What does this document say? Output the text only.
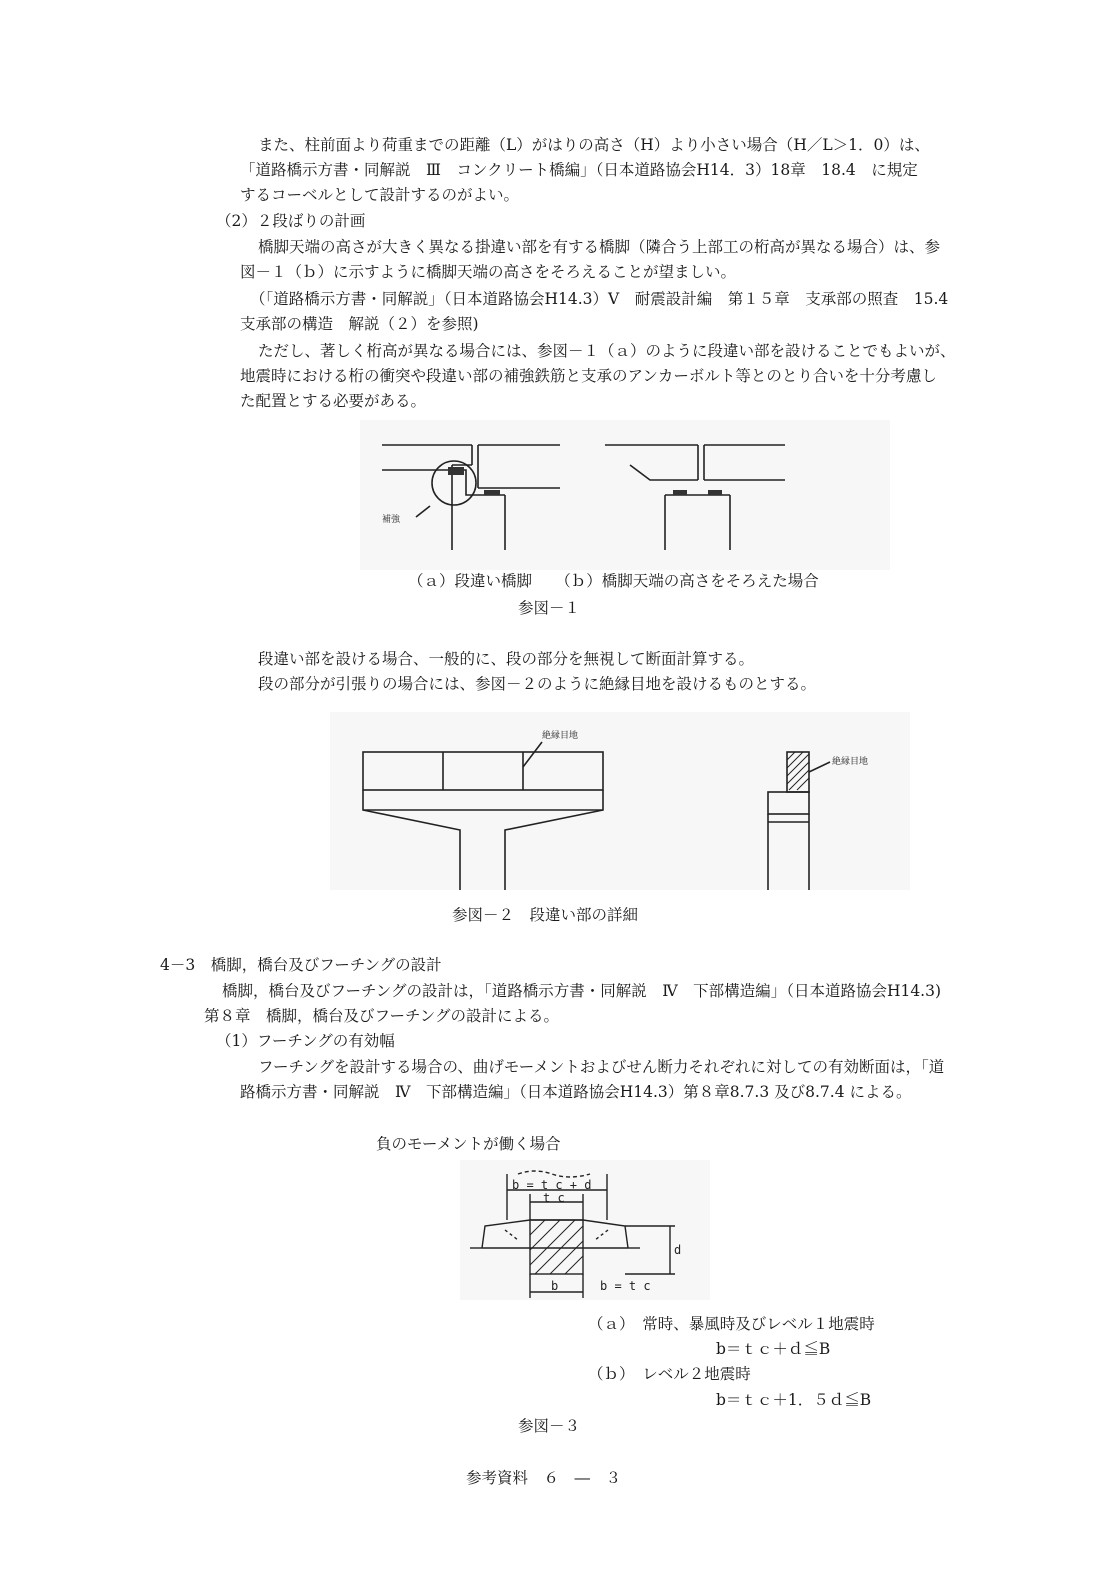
また、柱前面より荷重までの距離（L）がはりの高さ（H）より小さい場合（H／L＞1．0）は、
「道路橋示方書・同解説　Ⅲ　コンクリート橋編」（日本道路協会H14．3）18章　18.4　に規定
するコーベルとして設計するのがよい。
（2）２段ばりの計画
橋脚天端の高さが大きく異なる掛違い部を有する橋脚（隣合う上部工の桁高が異なる場合）は、参
図－１（ｂ）に示すように橋脚天端の高さをそろえることが望ましい。
（「道路橋示方書・同解説」（日本道路協会H14.3）Ⅴ　耐震設計編　第１５章　支承部の照査　15.4
支承部の構造　解説（２）を参照)
ただし、著しく桁高が異なる場合には、参図－１（ａ）のように段違い部を設けることでもよいが、
地震時における桁の衝突や段違い部の補強鉄筋と支承のアンカーボルト等とのとり合いを十分考慮し
た配置とする必要がある。
補強
（ａ）段違い橋脚　　（ｂ）橋脚天端の高さをそろえた場合
参図－１
段違い部を設ける場合、一般的に、段の部分を無視して断面計算する。
段の部分が引張りの場合には、参図－２のように絶縁目地を設けるものとする。
絶縁目地
絶縁目地
参図－２　段違い部の詳細
4－3　橋脚，橋台及びフーチングの設計
橋脚，橋台及びフーチングの設計は，「道路橋示方書・同解説　Ⅳ　下部構造編」（日本道路協会H14.3)
第８章　橋脚，橋台及びフーチングの設計による。
（1）フーチングの有効幅
フーチングを設計する場合の、曲げモーメントおよびせん断力それぞれに対しての有効断面は，「道
路橋示方書・同解説　Ⅳ　下部構造編」（日本道路協会H14.3）第８章8.7.3 及び8.7.4 による。
負のモーメントが働く場合
b = t c + d
t c
d
b	b = t c
（ａ）　常時、暴風時及びレベル１地震時
b＝ｔｃ＋ｄ≦B
（ｂ）　レベル２地震時
b＝ｔｃ＋1．５ｄ≦B
参図－３
参考資料　６　―　３
